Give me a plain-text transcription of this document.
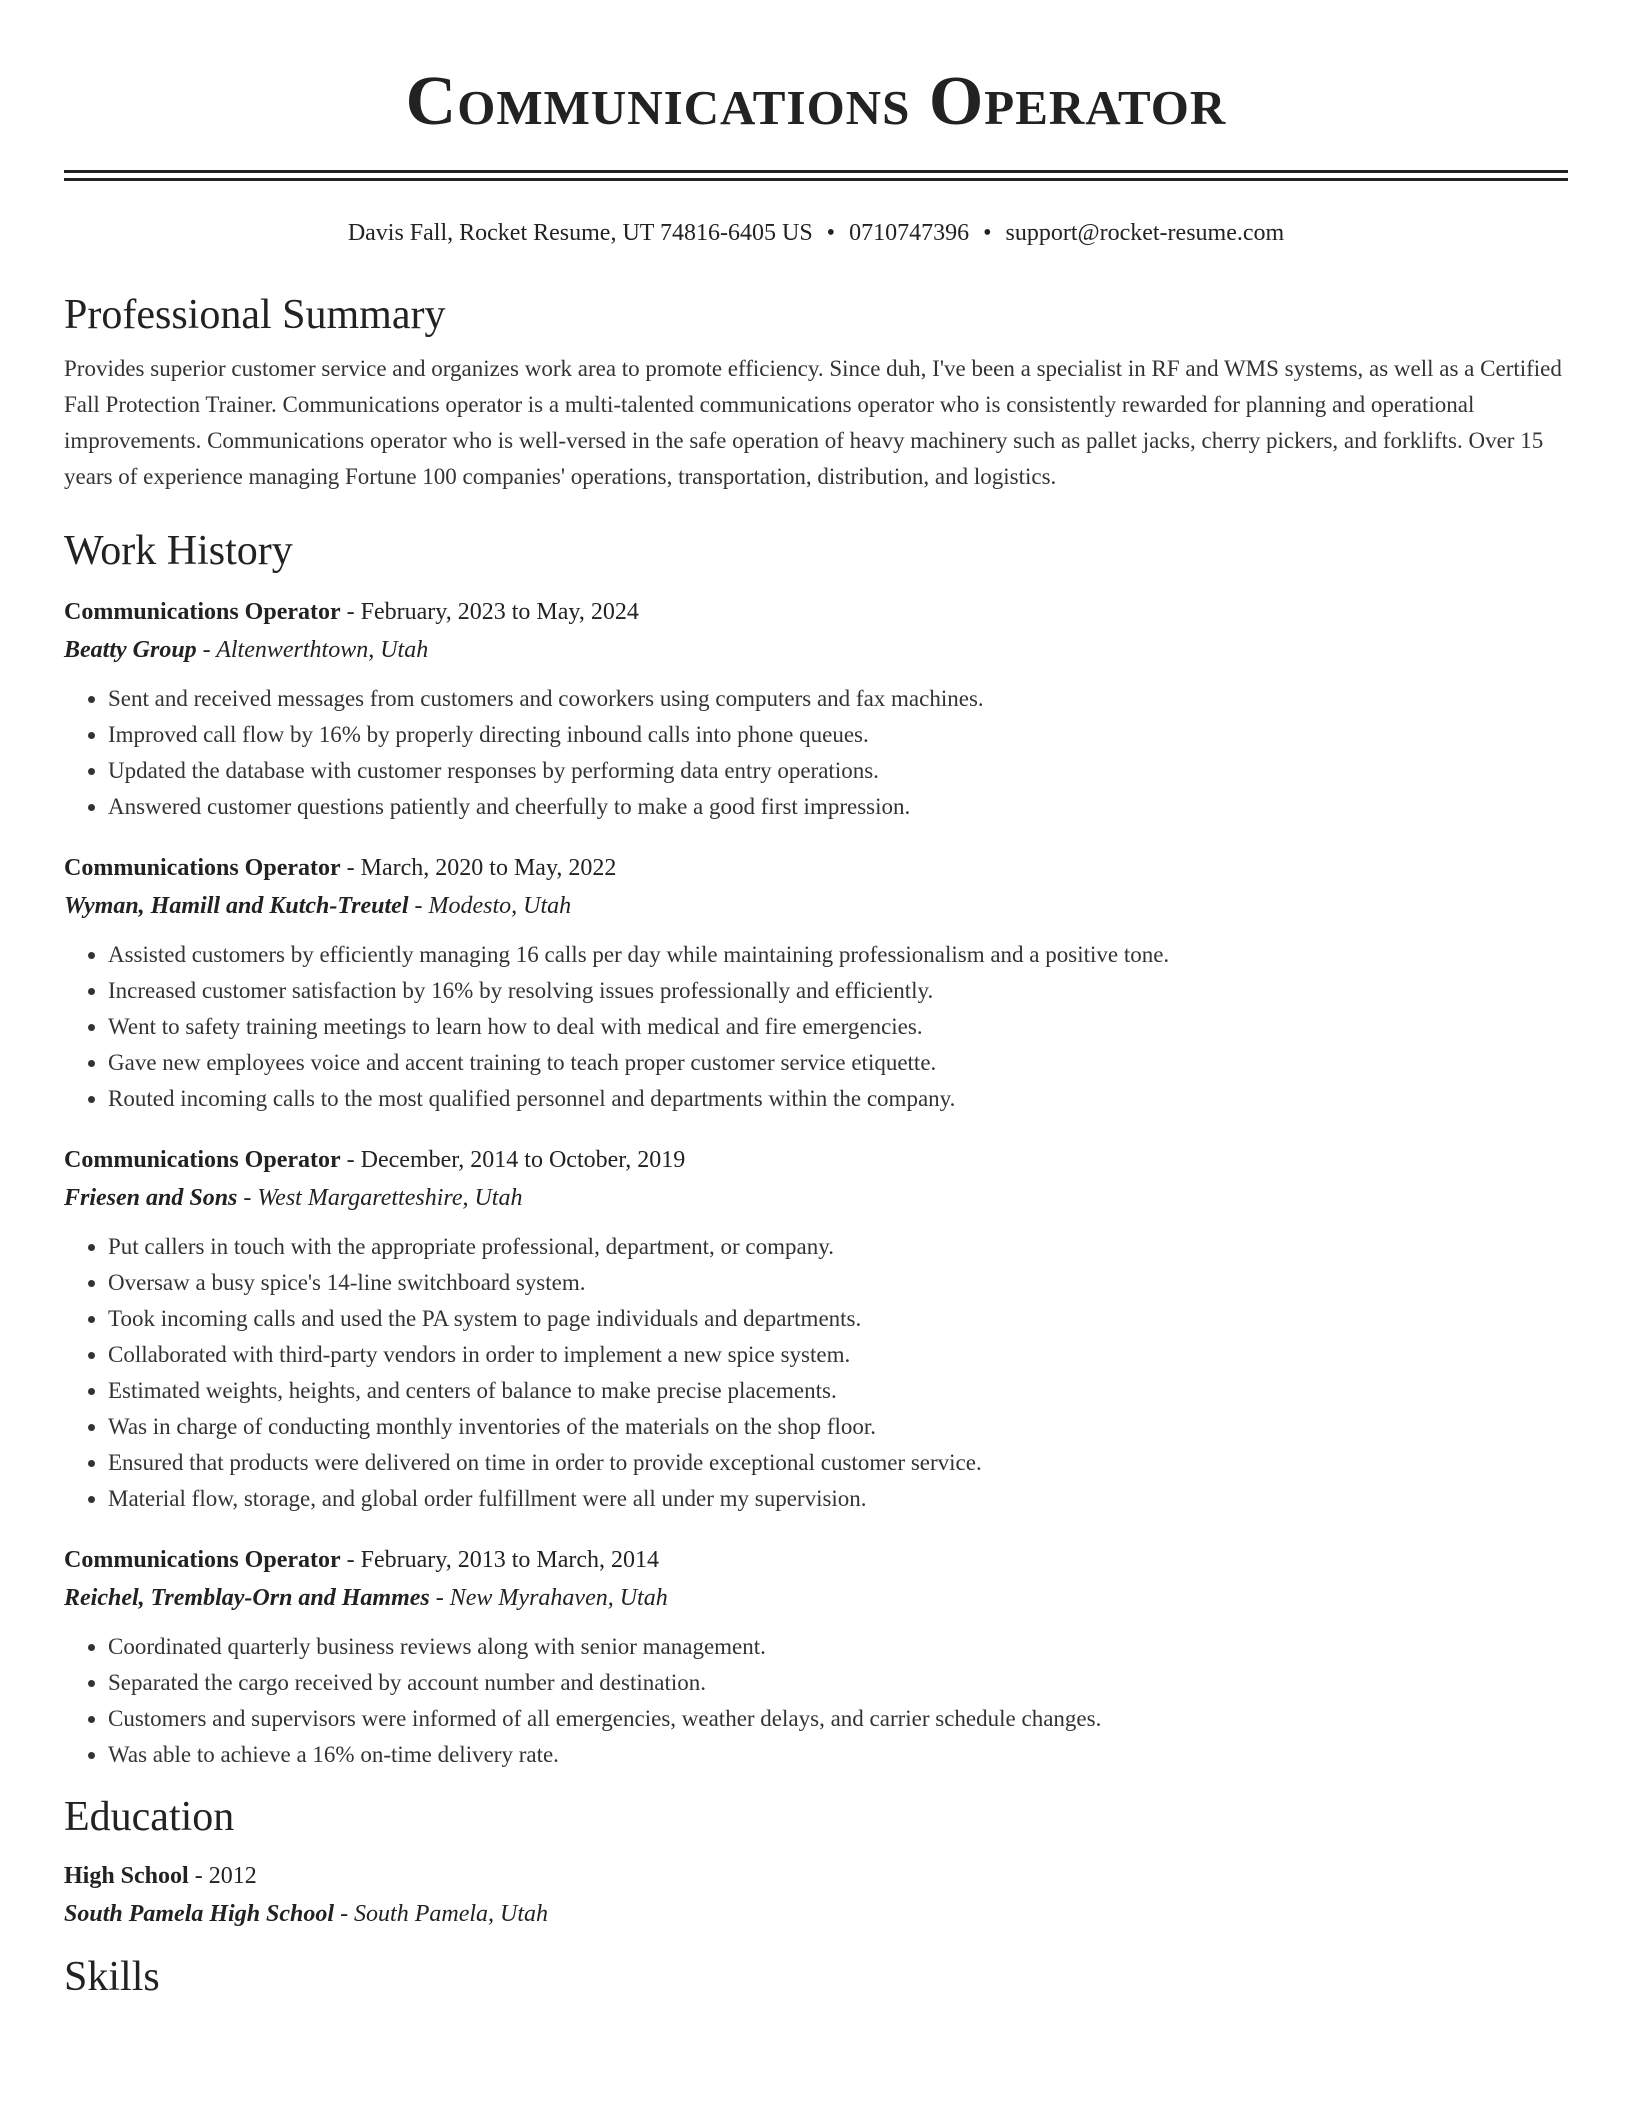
Communications Operator
Davis Fall, Rocket Resume, UT 74816-6405 US • 0710747396 • support@rocket-resume.com
Professional Summary

Provides superior customer service and organizes work area to promote efficiency. Since duh, I've been a specialist in RF and WMS systems, as well as a Certified Fall Protection Trainer. Communications operator is a multi-talented communications operator who is consistently rewarded for planning and operational improvements. Communications operator who is well-versed in the safe operation of heavy machinery such as pallet jacks, cherry pickers, and forklifts. Over 15 years of experience managing Fortune 100 companies' operations, transportation, distribution, and logistics.

Work History
Communications Operator - February, 2023 to May, 2024
Beatty Group - Altenwerthtown, Utah
• Sent and received messages from customers and coworkers using computers and fax machines.
• Improved call flow by 16% by properly directing inbound calls into phone queues.
• Updated the database with customer responses by performing data entry operations.
• Answered customer questions patiently and cheerfully to make a good first impression.
Communications Operator - March, 2020 to May, 2022
Wyman, Hamill and Kutch-Treutel - Modesto, Utah
• Assisted customers by efficiently managing 16 calls per day while maintaining professionalism and a positive tone.
• Increased customer satisfaction by 16% by resolving issues professionally and efficiently.
• Went to safety training meetings to learn how to deal with medical and fire emergencies.
• Gave new employees voice and accent training to teach proper customer service etiquette.
• Routed incoming calls to the most qualified personnel and departments within the company.
Communications Operator - December, 2014 to October, 2019
Friesen and Sons - West Margaretteshire, Utah
• Put callers in touch with the appropriate professional, department, or company.
• Oversaw a busy spice's 14-line switchboard system.
• Took incoming calls and used the PA system to page individuals and departments.
• Collaborated with third-party vendors in order to implement a new spice system.
• Estimated weights, heights, and centers of balance to make precise placements.
• Was in charge of conducting monthly inventories of the materials on the shop floor.
• Ensured that products were delivered on time in order to provide exceptional customer service.
• Material flow, storage, and global order fulfillment were all under my supervision.
Communications Operator - February, 2013 to March, 2014
Reichel, Tremblay-Orn and Hammes - New Myrahaven, Utah
• Coordinated quarterly business reviews along with senior management.
• Separated the cargo received by account number and destination.
• Customers and supervisors were informed of all emergencies, weather delays, and carrier schedule changes.
• Was able to achieve a 16% on-time delivery rate.
Education
High School - 2012
South Pamela High School - South Pamela, Utah
Skills
